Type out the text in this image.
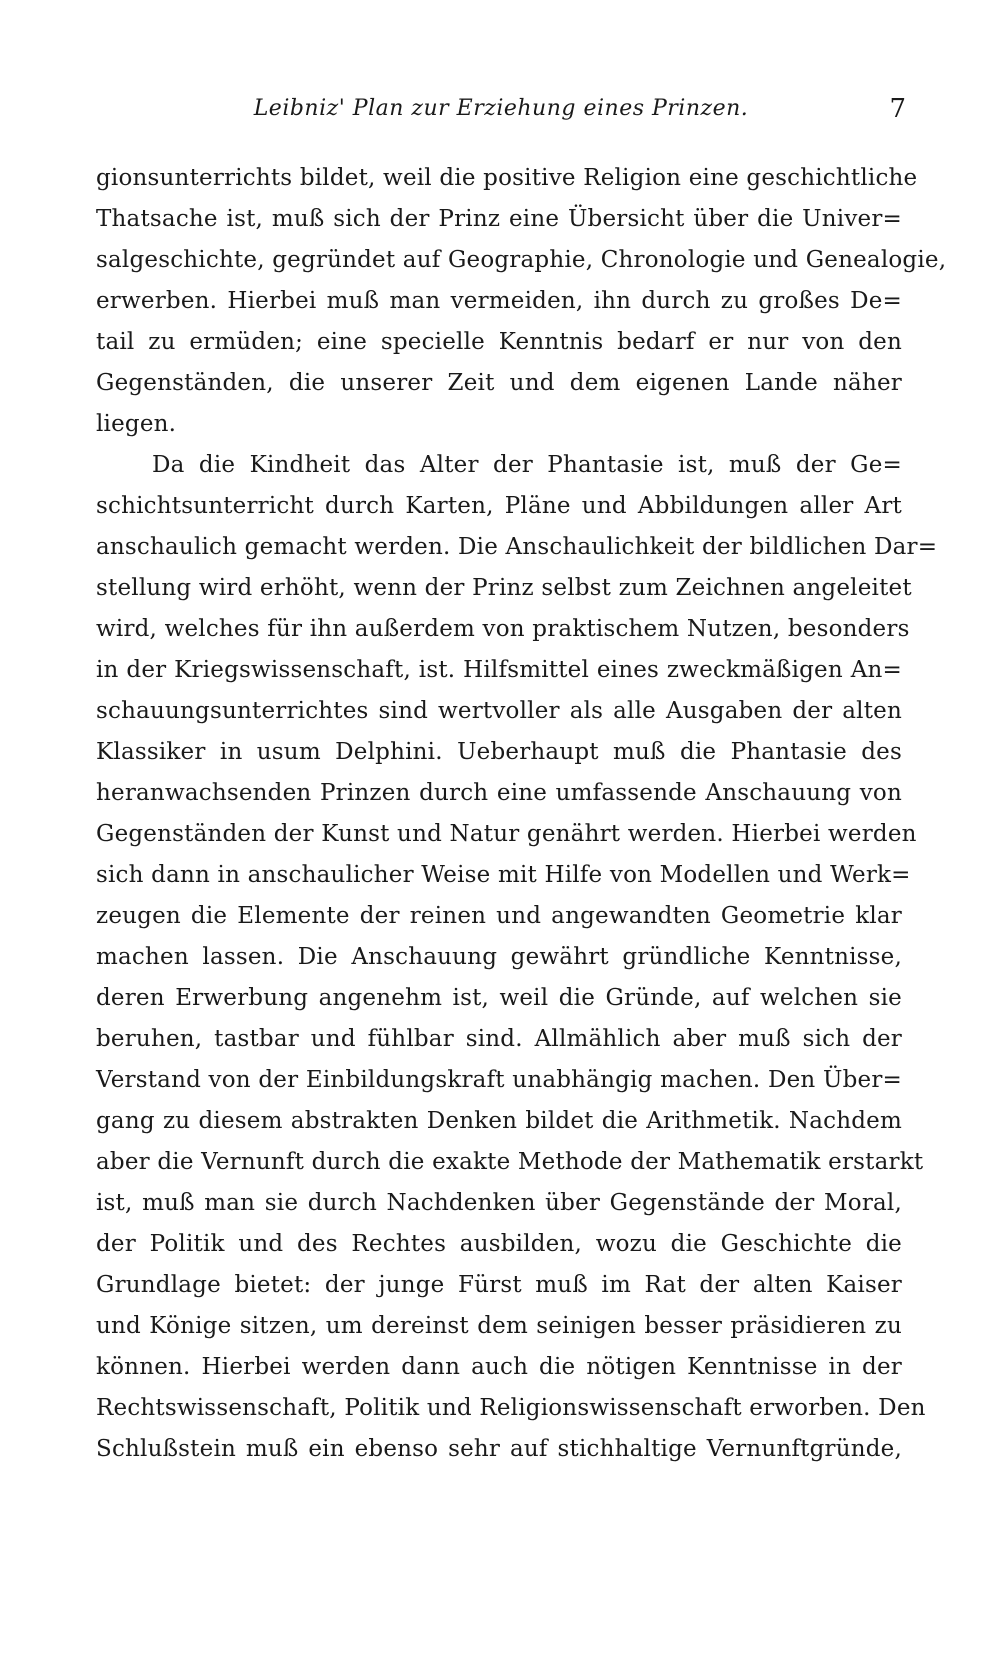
Leibniz' Plan zur Erziehung eines Prinzen.	7
gionsunterrichts bildet, weil die positive Religion eine geschichtliche
Thatsache ist, muß sich der Prinz eine Übersicht über die Univer=
salgeschichte, gegründet auf Geographie, Chronologie und Genealogie,
erwerben. Hierbei muß man vermeiden, ihn durch zu großes De=
tail zu ermüden; eine specielle Kenntnis bedarf er nur von den
Gegenständen, die unserer Zeit und dem eigenen Lande näher
liegen.
Da die Kindheit das Alter der Phantasie ist, muß der Ge=
schichtsunterricht durch Karten, Pläne und Abbildungen aller Art
anschaulich gemacht werden. Die Anschaulichkeit der bildlichen Dar=
stellung wird erhöht, wenn der Prinz selbst zum Zeichnen angeleitet
wird, welches für ihn außerdem von praktischem Nutzen, besonders
in der Kriegswissenschaft, ist. Hilfsmittel eines zweckmäßigen An=
schauungsunterrichtes sind wertvoller als alle Ausgaben der alten
Klassiker in usum Delphini. Ueberhaupt muß die Phantasie des
heranwachsenden Prinzen durch eine umfassende Anschauung von
Gegenständen der Kunst und Natur genährt werden. Hierbei werden
sich dann in anschaulicher Weise mit Hilfe von Modellen und Werk=
zeugen die Elemente der reinen und angewandten Geometrie klar
machen lassen. Die Anschauung gewährt gründliche Kenntnisse,
deren Erwerbung angenehm ist, weil die Gründe, auf welchen sie
beruhen, tastbar und fühlbar sind. Allmählich aber muß sich der
Verstand von der Einbildungskraft unabhängig machen. Den Über=
gang zu diesem abstrakten Denken bildet die Arithmetik. Nachdem
aber die Vernunft durch die exakte Methode der Mathematik erstarkt
ist, muß man sie durch Nachdenken über Gegenstände der Moral,
der Politik und des Rechtes ausbilden, wozu die Geschichte die
Grundlage bietet: der junge Fürst muß im Rat der alten Kaiser
und Könige sitzen, um dereinst dem seinigen besser präsidieren zu
können. Hierbei werden dann auch die nötigen Kenntnisse in der
Rechtswissenschaft, Politik und Religionswissenschaft erworben. Den
Schlußstein muß ein ebenso sehr auf stichhaltige Vernunftgründe,
